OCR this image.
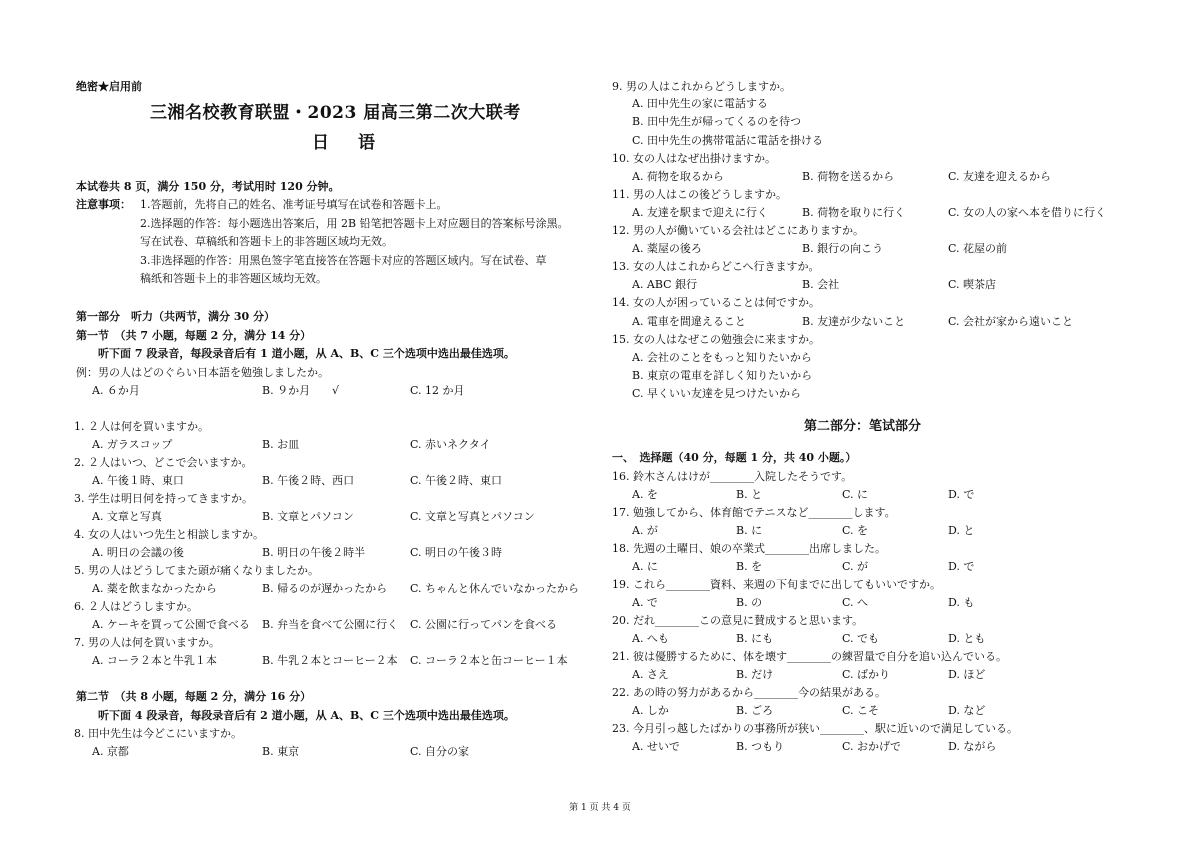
绝密★启用前
三湘名校教育联盟・2023 届高三第二次大联考
日　语
本试卷共 8 页，满分 150 分，考试用时 120 分钟。
注意事项： 1.答题前，先将自己的姓名、准考证号填写在试卷和答题卡上。
2.选择题的作答：每小题选出答案后，用 2B 铅笔把答题卡上对应题目的答案标号涂黑。
写在试卷、草稿纸和答题卡上的非答题区域均无效。
3.非选择题的作答：用黑色签字笔直接答在答题卡对应的答题区域内。写在试卷、草
稿纸和答题卡上的非答题区域均无效。
第一部分　听力（共两节，满分 30 分）
第一节　（共 7 小题，每题 2 分，满分 14 分）
听下面 7 段录音，每段录音后有 1 道小题，从 A、B、C 三个选项中选出最佳选项。
例：男の人はどのぐらい日本語を勉強しましたか。
A. ６か月	B. ９か月 √	C. 12 か月
1. ２人は何を買いますか。
A. ガラスコップ	B. お皿	C. 赤いネクタイ
2. ２人はいつ、どこで会いますか。
A. 午後１時、東口	B. 午後２時、西口	C. 午後２時、東口
3. 学生は明日何を持ってきますか。
A. 文章と写真	B. 文章とパソコン	C. 文章と写真とパソコン
4. 女の人はいつ先生と相談しますか。
A. 明日の会議の後	B. 明日の午後２時半	C. 明日の午後３時
5. 男の人はどうしてまた頭が痛くなりましたか。
A. 薬を飲まなかったから	B. 帰るのが遅かったから C. ちゃんと休んでいなかったから
6. ２人はどうしますか。
A. ケーキを買って公園で食べる B. 弁当を食べて公園に行く C. 公園に行ってパンを食べる
7. 男の人は何を買いますか。
A. コーラ２本と牛乳１本	B. 牛乳２本とコーヒー２本 C. コーラ２本と缶コーヒー１本
第二节　（共 8 小题，每题 2 分，满分 16 分）
听下面 4 段录音，每段录音后有 2 道小题，从 A、B、C 三个选项中选出最佳选项。
8. 田中先生は今どこにいますか。
A. 京都	B. 東京	C. 自分の家
9. 男の人はこれからどうしますか。
A. 田中先生の家に電話する
B. 田中先生が帰ってくるのを待つ
C. 田中先生の携帯電話に電話を掛ける
10. 女の人はなぜ出掛けますか。
A. 荷物を取るから	B. 荷物を送るから	C. 友達を迎えるから
11. 男の人はこの後どうしますか。
A. 友達を駅まで迎えに行く	B. 荷物を取りに行く	C. 女の人の家へ本を借りに行く
12. 男の人が働いている会社はどこにありますか。
A. 薬屋の後ろ	B. 銀行の向こう	C. 花屋の前
13. 女の人はこれからどこへ行きますか。
A. ABC 銀行	B. 会社	C. 喫茶店
14. 女の人が困っていることは何ですか。
A. 電車を間違えること	B. 友達が少ないこと	C. 会社が家から遠いこと
15. 女の人はなぜこの勉強会に来ますか。
A. 会社のことをもっと知りたいから
B. 東京の電車を詳しく知りたいから
C. 早くいい友達を見つけたいから
第二部分：笔试部分
一、　选择题（40 分，每题 1 分，共 40 小题。）
16. 鈴木さんはけが________入院したそうです。
A. を	B. と	C. に	D. で
17. 勉強してから、体育館でテニスなど________します。
A. が	B. に	C. を	D. と
18. 先週の土曜日、娘の卒業式________出席しました。
A. に	B. を	C. が	D. で
19. これら________資料、来週の下旬までに出してもいいですか。
A. で	B. の	C. へ	D. も
20. だれ________この意見に賛成すると思います。
A. へも	B. にも	C. でも	D. とも
21. 彼は優勝するために、体を壊す________の練習量で自分を追い込んでいる。
A. さえ	B. だけ	C. ばかり	D. ほど
22. あの時の努力があるから________今の結果がある。
A. しか	B. ごろ	C. こそ	D. など
23. 今月引っ越したばかりの事務所が狭い________、駅に近いので満足している。
A. せいで	B. つもり	C. おかげで	D. ながら
第 1 页 共 4 页
